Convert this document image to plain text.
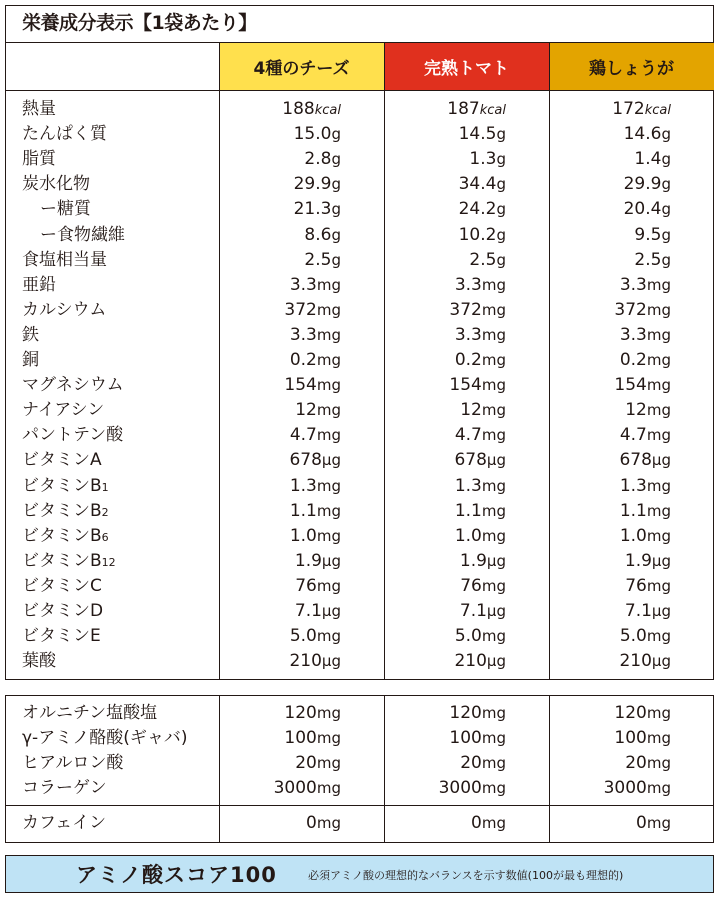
栄養成分表示【1袋あたり】
4種のチーズ	完熟トマト	鶏しょうが
熱量	188kcal	187kcal	172kcal
たんぱく質	15.0g	14.5g	14.6g
脂質	2.8g	1.3g	1.4g
炭水化物	29.9g	34.4g	29.9g
ー糖質	21.3g	24.2g	20.4g
ー食物繊維	8.6g	10.2g	9.5g
食塩相当量	2.5g	2.5g	2.5g
亜鉛	3.3mg	3.3mg	3.3mg
カルシウム	372mg	372mg	372mg
鉄	3.3mg	3.3mg	3.3mg
銅	0.2mg	0.2mg	0.2mg
マグネシウム	154mg	154mg	154mg
ナイアシン	12mg	12mg	12mg
パントテン酸	4.7mg	4.7mg	4.7mg
ビタミンA	678μg	678μg	678μg
ビタミンB1	1.3mg	1.3mg	1.3mg
ビタミンB2	1.1mg	1.1mg	1.1mg
ビタミンB6	1.0mg	1.0mg	1.0mg
ビタミンB12	1.9μg	1.9μg	1.9μg
ビタミンC	76mg	76mg	76mg
ビタミンD	7.1μg	7.1μg	7.1μg
ビタミンE	5.0mg	5.0mg	5.0mg
葉酸	210μg	210μg	210μg
オルニチン塩酸塩	120mg	120mg	120mg
γ-アミノ酪酸(ギャバ)	100mg	100mg	100mg
ヒアルロン酸	20mg	20mg	20mg
コラーゲン	3000mg	3000mg	3000mg
カフェイン	0mg	0mg	0mg
アミノ酸スコア100	必須アミノ酸の理想的なバランスを示す数値(100が最も理想的)
